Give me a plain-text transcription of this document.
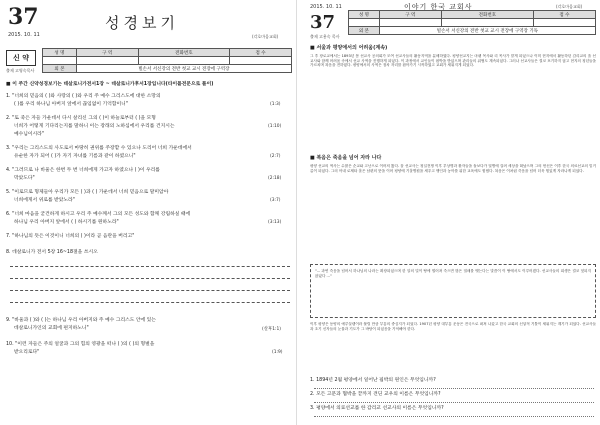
37
2015. 10. 11
성경보기
(각호마음교회)
신 약
출제 고영숙목사
성 명	구 역	전화번호	점 수

외 본	빌손서 서신강의 전반 첫교 교시 전장에 구역장		
■ 이 주간 신약성경보기는 데살로니가전서1장 ~ 데살로니가후서1장입니다(타이틀전문으로 풀이)
1. "너희의 믿음의 ( )와 사랑의 ( )와 우리 주 예수 그리스도에 대한 소망의
( )를 우리 하나님 아버지 앞에서 끊임없이 기억함이니"	(1:3)
2. "또 죽은 자들 가운데서 다시 살리신 그의 ( )이 하늘로부터 ( )을 모형
너희가 어떻게 기다리는지를 말하니 이는 장래의 노하심에서 우리를 건지시는
예수님이시라"
(1:10)
3. "우리는 그리스도의 사도로서 마땅히 권위를 주장할 수 있으나 도리어 너희 가운데에서
유순한 자가 되어 ( )가 자기 자녀를 기름과 같이 하였으니"	(2:7)
4. "그러므로 나 바울은 한번 두 번 너희에게 가고자 하였으나 ( )이 우리를
막았도다"	(2:18)
5. "이로므로 형제들아 우리가 모든 ( )과 ( ) 가운데서 너희 믿음으로 말미암아
너희에게서 위로를 받았노라"	(3:7)
6. "너희 마음을 굳건하게 하시고 우리 주 예수께서 그의 모든 성도와 함께 강림하실 때에
하나님 우리 아버지 앞에서 ( ) 하시기를 원하노라"	(3:13)
7. "하나님의 뜻은 이것이니 너희의 ( )이라 곧 음란을 버리고"
8. 데살로니가 전서 5장 16~18절을 쓰시오
9. "바울과 ( )와 ( )는 하나님 우리 아버지와 주 예수 그리스도 안에 있는
데살로니가인의 교회에 편지하노니"	(살후1:1)
10. "이런 자들은 주의 얼굴과 그의 힘의 영광을 떠나 ( )의 ( )의 형벌을
받으리로다"	(1:9)
2015. 10. 11
37
이야기 한국 교회사	(각호마음교회)
출제 고용숙 목사
성 명	구 역	전화번호	점 수

외 본	빌손서 서신강의 전반 첫교 교시 전장에 구역장 기독		
■ 서울과 평양에서의 어려움(계속)
그 후 장로교에서는 1893년 봄 선교사 공의회가 모여 선교사들의 활동지역을 분배하였다. 평양선교지는 마펫 목사와 리 목사가 맡게 되었으나 이미 현지에서 활동하던 감리교의 홀 선교사와 함께 어려움 속에서 선교 사역을 진행하게 되었다. 이 과정에서 교인들이 핍박을 받았으며 관리들의 위협도 계속되었다. 그러나 선교사들은 결코 포기하지 않고 현지의 청년들을 가르치며 복음을 전하였다. 평양에서의 사역은 점차 자리를 잡아가기 시작하였고 교회가 세워지게 되었다.
■ 복음은 죽음을 넘어 자라 나다
평양 선교의 역사는 수많은 순교와 고난으로 이어져 왔다. 홀 선교사는 청일전쟁 이후 부상병과 환자들을 돌보다가 열병에 걸려 세상을 떠났으며 그의 헌신은 이후 한국 의료선교의 밑거름이 되었다. 그의 아내 로제타 홀은 남편의 뜻을 이어 평양에 기홀병원을 세우고 맹인과 농아를 위한 교육에도 힘썼다. 복음은 이처럼 죽음을 넘어 더욱 힘있게 자라나게 되었다.
"... 과연 죽음을 넘어서 하나님의 나라는 확장되었으며 한 알의 밀이 땅에 떨어져 죽으면 많은 열매를 맺는다는 말씀이 이 땅에서도 이루어졌다. 선교사들의 희생은 결코 헛되지 않았다 ..."
이후 평양은 동양의 예루살렘이라 불릴 만큼 부흥의 중심지가 되었다. 1907년 평양 대부흥 운동은 전국으로 퍼져 나갔고 한국 교회의 신앙적 기틀이 세워지는 계기가 되었다. 선교사들과 초기 신자들의 눈물과 기도가 그 바탕이 되었음을 기억해야 한다.
1. 1894년 2월 평양에서 일어난 핍박의 원인은 무엇입니까?
2. 모든 고문과 협박을 끝까지 견딘 교우의 이름은 무엇입니까?
3. 평양에서 의료선교를 한 감리교 선교사의 이름은 무엇입니까?
